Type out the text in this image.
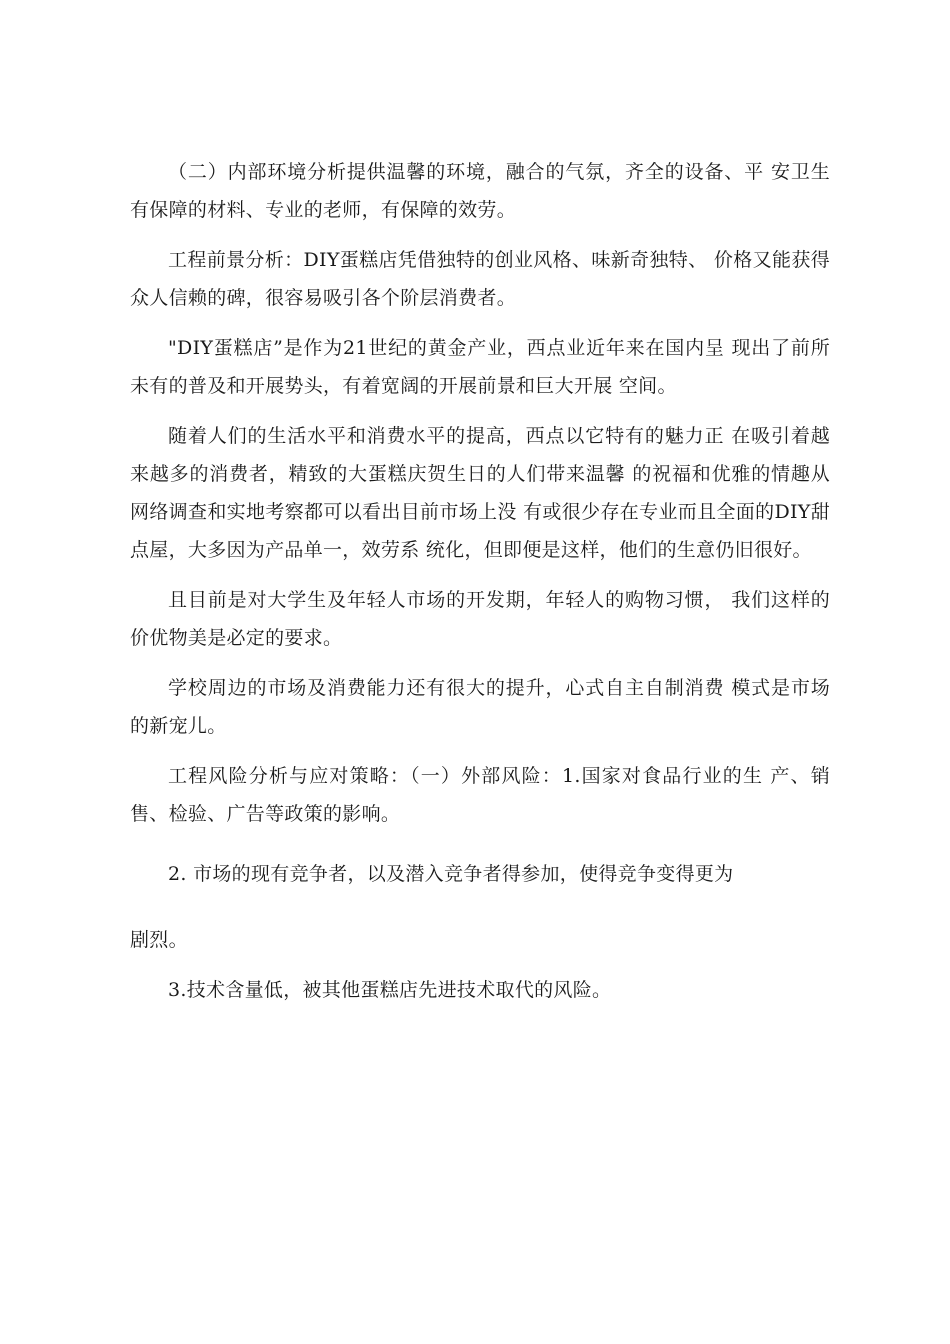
（二）内部环境分析提供温馨的环境，融合的气氛，齐全的设备、平 安卫生有保障的材料、专业的老师，有保障的效劳。

工程前景分析：DIY蛋糕店凭借独特的创业风格、味新奇独特、 价格又能获得众人信赖的碑，很容易吸引各个阶层消费者。

"DIY蛋糕店”是作为21世纪的黄金产业，西点业近年来在国内呈 现出了前所未有的普及和开展势头，有着宽阔的开展前景和巨大开展 空间。

随着人们的生活水平和消费水平的提高，西点以它特有的魅力正 在吸引着越来越多的消费者，精致的大蛋糕庆贺生日的人们带来温馨 的祝福和优雅的情趣从网络调查和实地考察都可以看出目前市场上没 有或很少存在专业而且全面的DIY甜点屋，大多因为产品单一，效劳系 统化，但即便是这样，他们的生意仍旧很好。

且目前是对大学生及年轻人市场的开发期，年轻人的购物习惯， 我们这样的价优物美是必定的要求。

学校周边的市场及消费能力还有很大的提升，心式自主自制消费 模式是市场的新宠儿。

工程风险分析与应对策略：（一）外部风险：1.国家对食品行业的生 产、销售、检验、广告等政策的影响。

2. 市场的现有竞争者，以及潜入竞争者得参加，使得竞争变得更为

剧烈。

3.技术含量低，被其他蛋糕店先进技术取代的风险。
